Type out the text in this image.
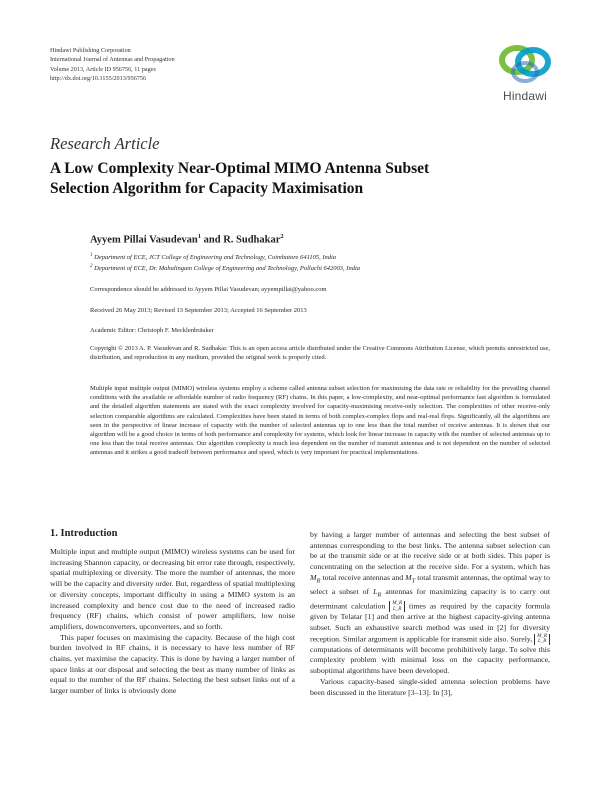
Hindawi Publishing Corporation
International Journal of Antennas and Propagation
Volume 2013, Article ID 956756, 11 pages
http://dx.doi.org/10.1155/2013/956756
Hindawi
Research Article
A Low Complexity Near-Optimal MIMO Antenna Subset
Selection Algorithm for Capacity Maximisation
Ayyem Pillai Vasudevan$^1$ and R. Sudhakar$^2$
$^1$ Department of ECE, JCT College of Engineering and Technology, Coimbatore 641105, India
$^2$ Department of ECE, Dr. Mahalingam College of Engineering and Technology, Pollachi 642003, India
Correspondence should be addressed to Ayyem Pillai Vasudevan; ayyempillai@yahoo.com
Received 26 May 2013; Revised 13 September 2013; Accepted 16 September 2013
Academic Editor: Christoph F. Mecklenbräuker
Copyright © 2013 A. P. Vasudevan and R. Sudhakar. This is an open access article distributed under the Creative Commons Attribution License, which permits unrestricted use, distribution, and reproduction in any medium, provided the original work is properly cited.
Multiple input multiple output (MIMO) wireless systems employ a scheme called antenna subset selection for maximising the data rate or reliability for the prevailing channel conditions with the available or affordable number of radio frequency (RF) chains. In this paper, a low-complexity, and near-optimal performance fast algorithm is formulated and the detailed algorithm statements are stated with the exact complexity involved for capacity-maximising receive-only selection. The complexities of other receive-only selection comparable algorithms are calculated. Complexities have been stated in terms of both complex-complex flops and real-real flops. Significantly, all the algorithms are seen in the perspective of linear increase of capacity with the number of selected antennas up to one less than the total number of receive antennas. It is shown that our algorithm will be a good choice in terms of both performance and complexity for systems, which look for linear increase in capacity with the number of selected antennas up to one less than the total receive antennas. Our algorithm complexity is much less dependent on the number of transmit antennas and is not dependent on the number of selected antennas and it strikes a good tradeoff between performance and speed, which is very important for practical implementations.
1. Introduction

Multiple input and multiple output (MIMO) wireless systems can be used for increasing Shannon capacity, or decreasing bit error rate through, respectively, spatial multiplexing or diversity. The more the number of antennas, the more will be the capacity and diversity order. But, regardless of spatial multiplexing or diversity concepts, important difficulty in using a MIMO system is an increased complexity and hence cost due to the need of increased radio frequency (RF) chains, which consist of power amplifiers, low noise amplifiers, downconverters, upconverters, and so forth.

This paper focuses on maximising the capacity. Because of the high cost burden involved in RF chains, it is necessary to have less number of RF chains, yet maximise the capacity. This is done by having a larger number of space links at our disposal and selecting the best as many number of links as equal to the number of the RF chains. Selecting the best subset links out of a larger number of links is obviously done

by having a larger number of antennas and selecting the best subset of antennas corresponding to the best links. The antenna subset selection can be at the transmit side or at the receive side or at both sides. This paper is concentrating on the selection at the receive side. For a system, which has $M_R$ total receive antennas and $M_T$ total transmit antennas, the optimal way to select a subset of $L_R$ antennas for maximizing capacity is to carry out determinant calculation M_R
L_R times as required by the capacity formula given by Telatar [1] and then arrive at the highest capacity-giving antenna subset. Such an exhaustive search method was used in [2] for diversity reception. Similar argument is applicable for transmit side also. Surely, M_R
L_R computations of determinants will become prohibitively large. To solve this complexity problem with minimal loss on the capacity performance, suboptimal algorithms have been developed.

Various capacity-based single-sided antenna selection problems have been discussed in the literature [3–13]. In [3],
